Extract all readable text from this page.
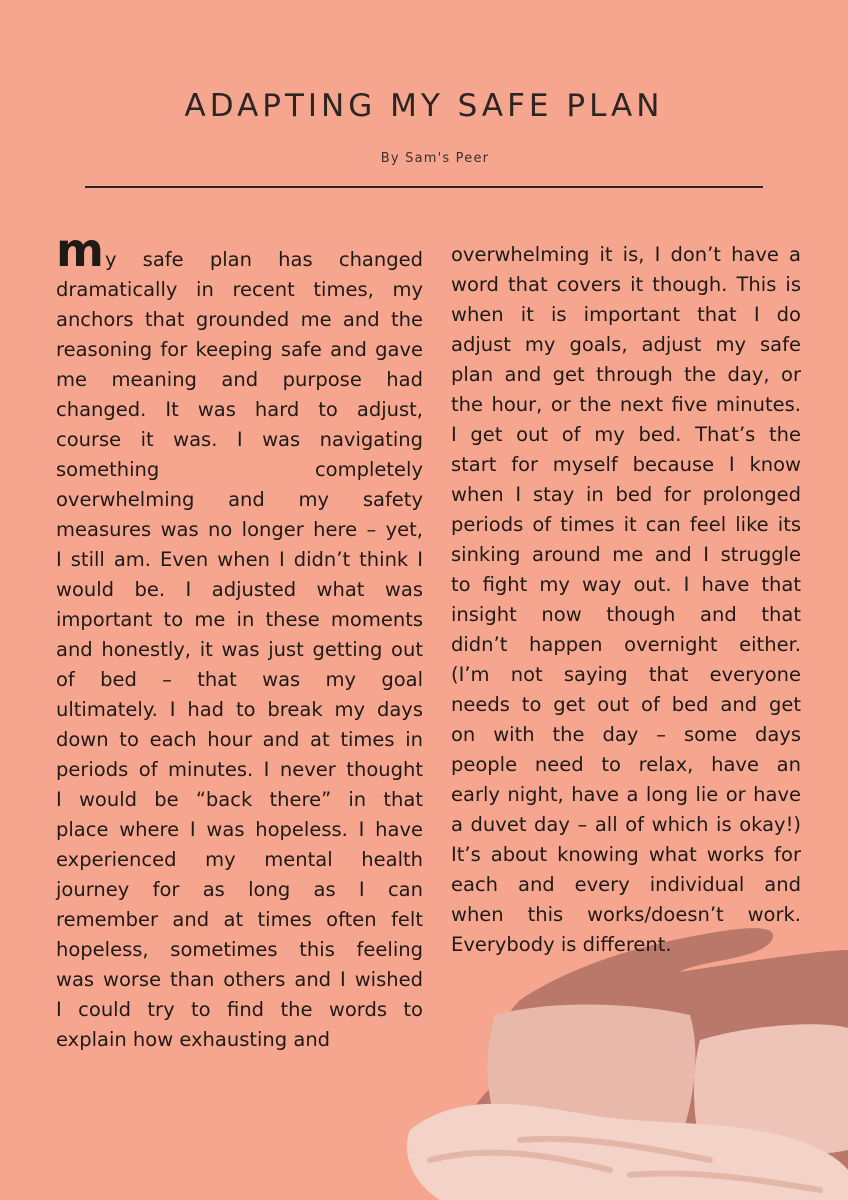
ADAPTING MY SAFE PLAN
By Sam's Peer
my safe plan has changed
dramatically in recent times, my
anchors that grounded me and the
reasoning for keeping safe and gave
me meaning and purpose had
changed. It was hard to adjust,
course it was. I was navigating
something completely
overwhelming and my safety
measures was no longer here – yet,
I still am. Even when I didn’t think I
would be. I adjusted what was
important to me in these moments
and honestly, it was just getting out
of bed – that was my goal
ultimately. I had to break my days
down to each hour and at times in
periods of minutes. I never thought
I would be “back there” in that
place where I was hopeless. I have
experienced my mental health
journey for as long as I can
remember and at times often felt
hopeless, sometimes this feeling
was worse than others and I wished
I could try to find the words to
explain how exhausting and
overwhelming it is, I don’t have a
word that covers it though. This is
when it is important that I do
adjust my goals, adjust my safe
plan and get through the day, or
the hour, or the next five minutes.
I get out of my bed. That’s the
start for myself because I know
when I stay in bed for prolonged
periods of times it can feel like its
sinking around me and I struggle
to fight my way out. I have that
insight now though and that
didn’t happen overnight either.
(I’m not saying that everyone
needs to get out of bed and get
on with the day – some days
people need to relax, have an
early night, have a long lie or have
a duvet day – all of which is okay!)
It’s about knowing what works for
each and every individual and
when this works/doesn’t work.
Everybody is different.
